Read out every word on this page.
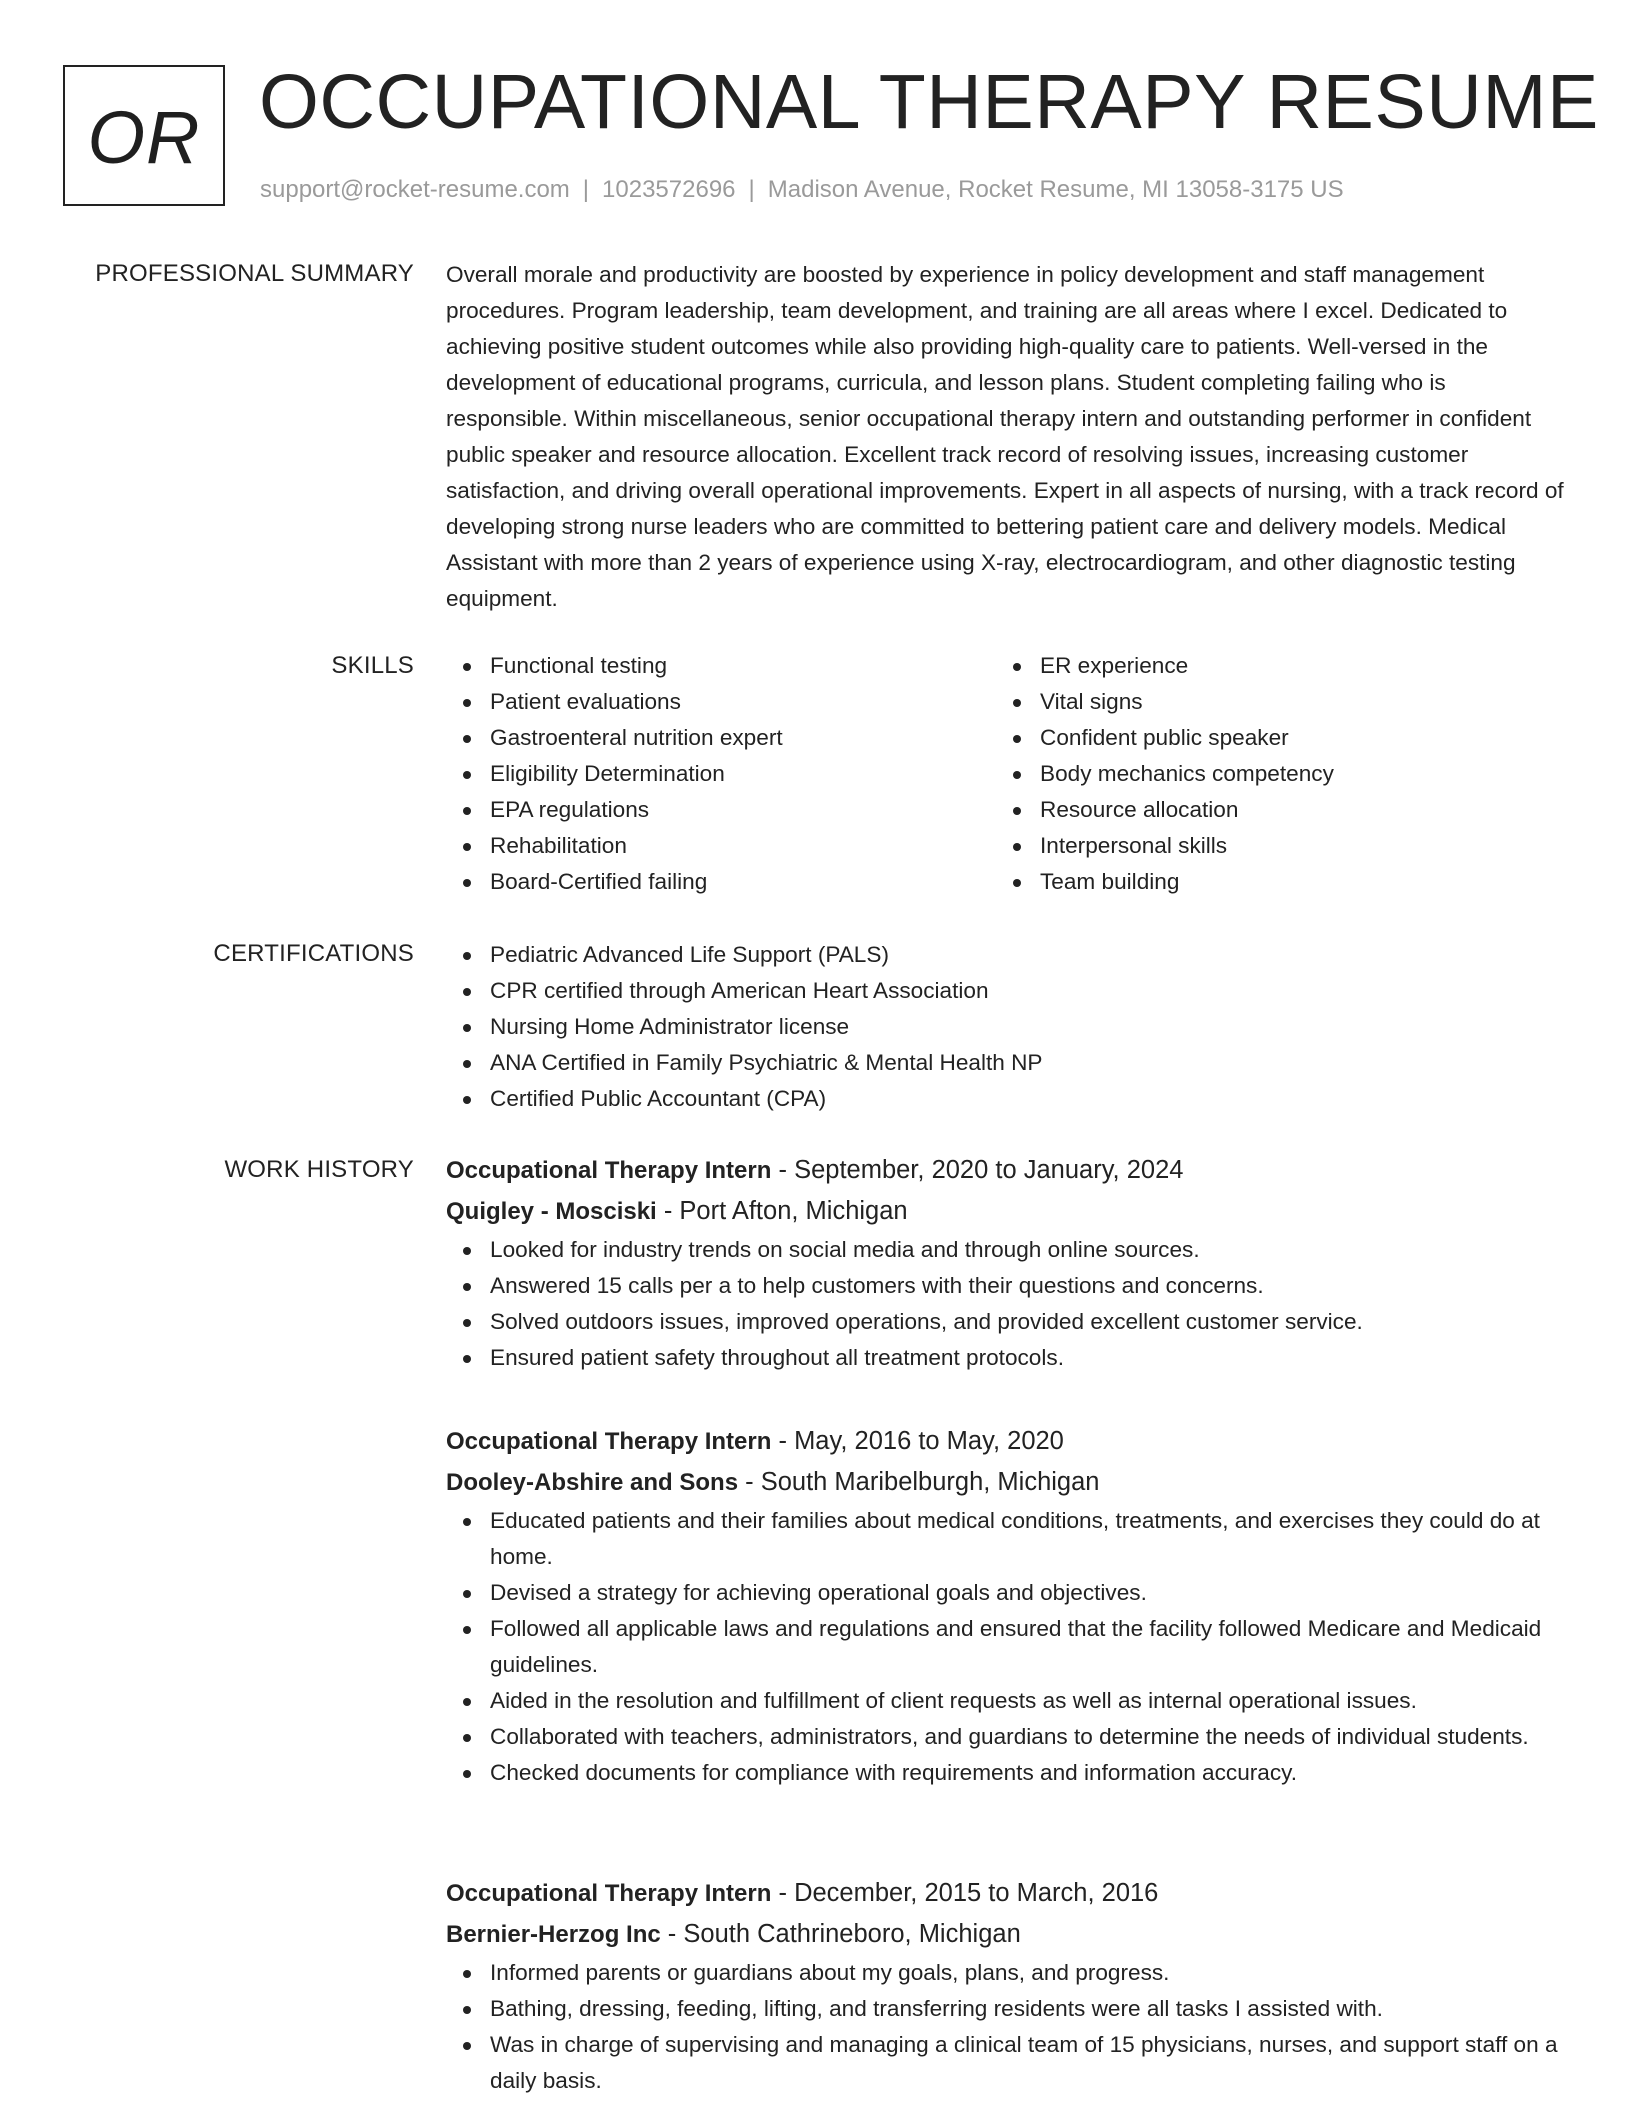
OR OCCUPATIONAL THERAPY RESUME
support@rocket-resume.com | 1023572696 | Madison Avenue, Rocket Resume, MI 13058-3175 US
PROFESSIONAL SUMMARY Overall morale and productivity are boosted by experience in policy development and staff management procedures. Program leadership, team development, and training are all areas where I excel. Dedicated to achieving positive student outcomes while also providing high-quality care to patients. Well-versed in the development of educational programs, curricula, and lesson plans. Student completing failing who is responsible. Within miscellaneous, senior occupational therapy intern and outstanding performer in confident public speaker and resource allocation. Excellent track record of resolving issues, increasing customer satisfaction, and driving overall operational improvements. Expert in all aspects of nursing, with a track record of developing strong nurse leaders who are committed to bettering patient care and delivery models. Medical Assistant with more than 2 years of experience using X-ray, electrocardiogram, and other diagnostic testing equipment.

SKILLS	Functional testing
Patient evaluations
Gastroenteral nutrition expert
Eligibility Determination
EPA regulations
Rehabilitation
Board-Certified failing
ER experience
Vital signs
Confident public speaker
Body mechanics competency
Resource allocation
Interpersonal skills
Team building
CERTIFICATIONS	Pediatric Advanced Life Support (PALS)
CPR certified through American Heart Association
Nursing Home Administrator license
ANA Certified in Family Psychiatric & Mental Health NP
Certified Public Accountant (CPA)
WORK HISTORY Occupational Therapy Intern - September, 2020 to January, 2024
Quigley - Mosciski - Port Afton, Michigan
Looked for industry trends on social media and through online sources.
Answered 15 calls per a to help customers with their questions and concerns.
Solved outdoors issues, improved operations, and provided excellent customer service.
Ensured patient safety throughout all treatment protocols.
Occupational Therapy Intern - May, 2016 to May, 2020
Dooley-Abshire and Sons - South Maribelburgh, Michigan
Educated patients and their families about medical conditions, treatments, and exercises they could do at home.
Devised a strategy for achieving operational goals and objectives.
Followed all applicable laws and regulations and ensured that the facility followed Medicare and Medicaid guidelines.
Aided in the resolution and fulfillment of client requests as well as internal operational issues.
Collaborated with teachers, administrators, and guardians to determine the needs of individual students.
Checked documents for compliance with requirements and information accuracy.
Occupational Therapy Intern - December, 2015 to March, 2016
Bernier-Herzog Inc - South Cathrineboro, Michigan
Informed parents or guardians about my goals, plans, and progress.
Bathing, dressing, feeding, lifting, and transferring residents were all tasks I assisted with.
Was in charge of supervising and managing a clinical team of 15 physicians, nurses, and support staff on a daily basis.
